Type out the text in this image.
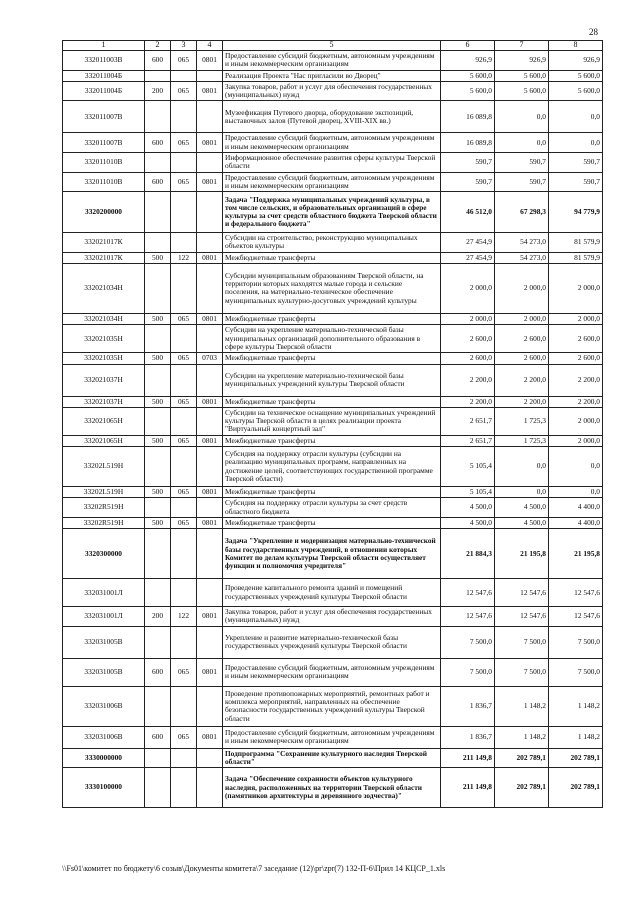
28
1	2	3	4	5	6	7	8
332011003В	600	065	0801	Предоставление субсидий бюджетным, автономным учреждениям и иным некоммерческим организациям	926,9	926,9	926,9
332011004Б				Реализация Проекта "Нас пригласили во Дворец"	5 600,0	5 600,0	5 600,0
332011004Б	200	065	0801	Закупка товаров, работ и услуг для обеспечения государственных (муниципальных) нужд	5 600,0	5 600,0	5 600,0
332011007В				Музеефикация Путевого дворца, оборудование экспозиций, выставочных залов (Путевой дворец, XVIII-XIX вв.)	16 089,8	0,0	0,0
332011007В	600	065	0801	Предоставление субсидий бюджетным, автономным учреждениям и иным некоммерческим организациям	16 089,8	0,0	0,0
332011010В				Информационное обеспечение развития сферы культуры Тверской области	590,7	590,7	590,7
332011010В	600	065	0801	Предоставление субсидий бюджетным, автономным учреждениям и иным некоммерческим организациям	590,7	590,7	590,7
3320200000				Задача "Поддержка муниципальных учреждений культуры, в том числе сельских, и образовательных организаций в сфере культуры за счет средств областного бюджета Тверской области и федерального бюджета"	46 512,0	67 298,3	94 779,9
332021017К				Субсидии на строительство, реконструкцию муниципальных объектов культуры	27 454,9	54 273,0	81 579,9
332021017К	500	122	0801	Межбюджетные трансферты	27 454,9	54 273,0	81 579,9
332021034Н				Субсидии муниципальным образованиям Тверской области, на территории которых находятся малые города и сельские поселения, на материально-техническое обеспечение муниципальных культурно-досуговых учреждений культуры	2 000,0	2 000,0	2 000,0
332021034Н	500	065	0801	Межбюджетные трансферты	2 000,0	2 000,0	2 000,0
332021035Н				Субсидии на укрепление материально-технической базы муниципальных организаций дополнительного образования в сфере культуры Тверской области	2 600,0	2 600,0	2 600,0
332021035Н	500	065	0703	Межбюджетные трансферты	2 600,0	2 600,0	2 600,0
332021037Н				Субсидии на укрепление материально-технической базы муниципальных учреждений культуры Тверской области	2 200,0	2 200,0	2 200,0
332021037Н	500	065	0801	Межбюджетные трансферты	2 200,0	2 200,0	2 200,0
332021065Н				Субсидии на техническое оснащение муниципальных учреждений культуры Тверской области в целях реализации проекта "Виртуальный концертный зал"	2 651,7	1 725,3	2 000,0
332021065Н	500	065	0801	Межбюджетные трансферты	2 651,7	1 725,3	2 000,0
33202L519Н				Субсидия на поддержку отрасли культуры (субсидии на реализацию муниципальных программ, направленных на достижение целей, соответствующих государственной программе Тверской области)	5 105,4	0,0	0,0
33202L519Н	500	065	0801	Межбюджетные трансферты	5 105,4	0,0	0,0
33202R519Н				Субсидия на поддержку отрасли культуры за счет средств областного бюджета	4 500,0	4 500,0	4 400,0
33202R519Н	500	065	0801	Межбюджетные трансферты	4 500,0	4 500,0	4 400,0
3320300000				Задача "Укрепление и модернизация материально-технической базы государственных учреждений, в отношении которых Комитет по делам культуры Тверской области осуществляет функции и полномочия учредителя"	21 884,3	21 195,8	21 195,8
332031001Л				Проведение капитального ремонта зданий и помещений государственных учреждений культуры Тверской области	12 547,6	12 547,6	12 547,6
332031001Л	200	122	0801	Закупка товаров, работ и услуг для обеспечения государственных (муниципальных) нужд	12 547,6	12 547,6	12 547,6
332031005В				Укрепление и развитие материально-технической базы государственных учреждений культуры Тверской области	7 500,0	7 500,0	7 500,0
332031005В	600	065	0801	Предоставление субсидий бюджетным, автономным учреждениям и иным некоммерческим организациям	7 500,0	7 500,0	7 500,0
332031006В				Проведение противопожарных мероприятий, ремонтных работ и комплекса мероприятий, направленных на обеспечение безопасности государственных учреждений культуры Тверской области	1 836,7	1 148,2	1 148,2
332031006В	600	065	0801	Предоставление субсидий бюджетным, автономным учреждениям и иным некоммерческим организациям	1 836,7	1 148,2	1 148,2
3330000000				Подпрограмма "Сохранение культурного наследия Тверской области"	211 149,8	202 789,1	202 789,1
3330100000				Задача "Обеспечение сохранности объектов культурного наследия, расположенных на территории Тверской области (памятников архитектуры и деревянного зодчества)"	211 149,8	202 789,1	202 789,1
\\Fs01\комитет по бюджету\6 созыв\Документы комитета\7 заседание (12)\pr\zpr(7) 132-П-6\Прил 14 КЦСР_1.xls
